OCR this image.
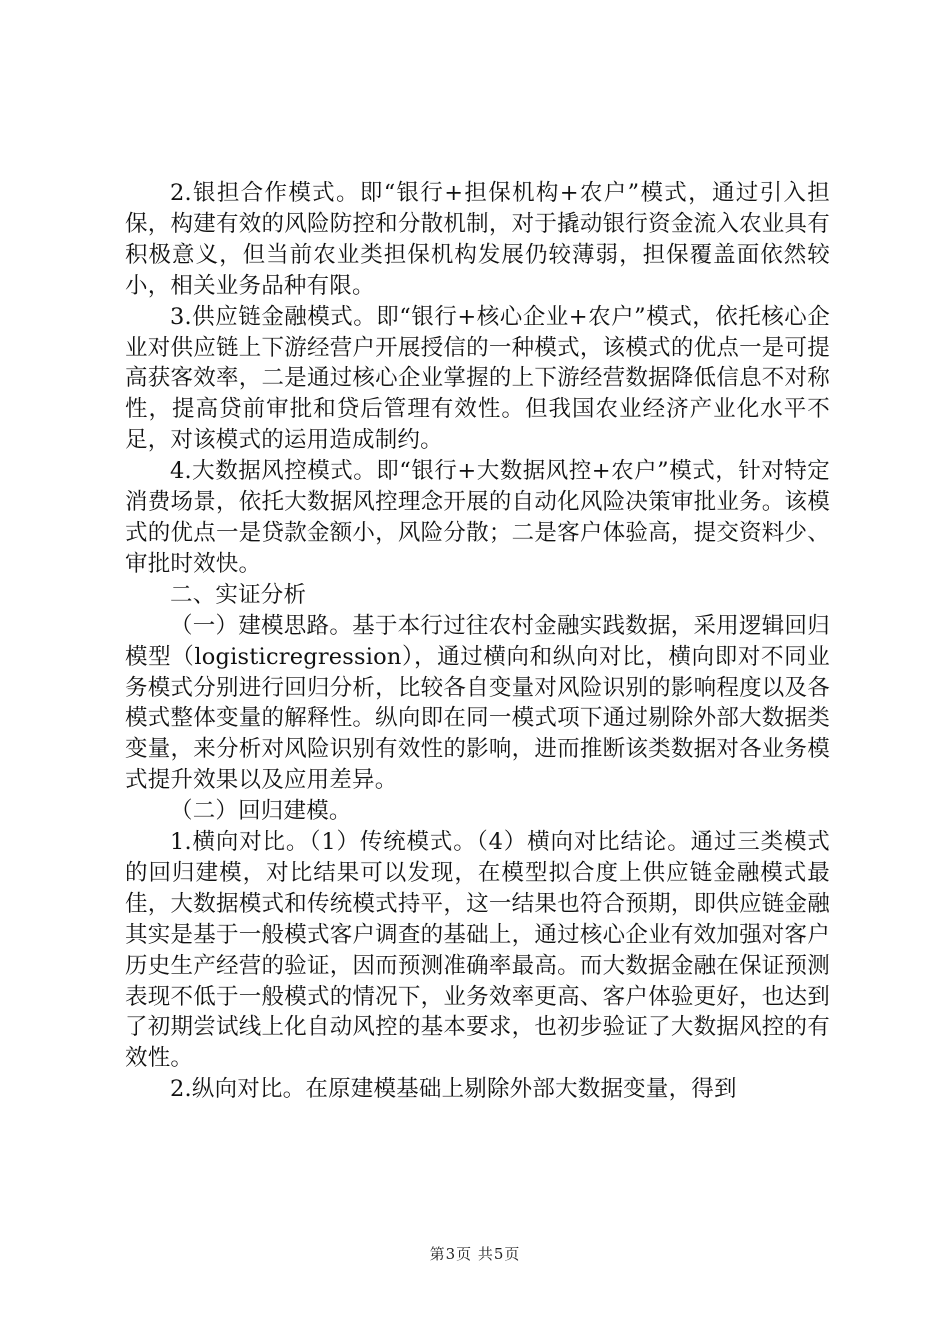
2.银担合作模式。即“银行+担保机构+农户”模式，通过引入担保，构建有效的风险防控和分散机制，对于撬动银行资金流入农业具有积极意义，但当前农业类担保机构发展仍较薄弱，担保覆盖面依然较小，相关业务品种有限。

3.供应链金融模式。即“银行+核心企业+农户”模式，依托核心企业对供应链上下游经营户开展授信的一种模式，该模式的优点一是可提高获客效率，二是通过核心企业掌握的上下游经营数据降低信息不对称性，提高贷前审批和贷后管理有效性。但我国农业经济产业化水平不足，对该模式的运用造成制约。

4.大数据风控模式。即“银行+大数据风控+农户”模式，针对特定消费场景，依托大数据风控理念开展的自动化风险决策审批业务。该模式的优点一是贷款金额小，风险分散；二是客户体验高，提交资料少、审批时效快。

二、实证分析

（一）建模思路。基于本行过往农村金融实践数据，采用逻辑回归模型（logisticregression），通过横向和纵向对比，横向即对不同业务模式分别进行回归分析，比较各自变量对风险识别的影响程度以及各模式整体变量的解释性。纵向即在同一模式项下通过剔除外部大数据类变量，来分析对风险识别有效性的影响，进而推断该类数据对各业务模式提升效果以及应用差异。

（二）回归建模。

1.横向对比。（1）传统模式。（4）横向对比结论。通过三类模式的回归建模，对比结果可以发现，在模型拟合度上供应链金融模式最佳，大数据模式和传统模式持平，这一结果也符合预期，即供应链金融其实是基于一般模式客户调查的基础上，通过核心企业有效加强对客户历史生产经营的验证，因而预测准确率最高。而大数据金融在保证预测表现不低于一般模式的情况下，业务效率更高、客户体验更好，也达到了初期尝试线上化自动风控的基本要求，也初步验证了大数据风控的有效性。

2.纵向对比。在原建模基础上剔除外部大数据变量，得到

第3页 共5页
